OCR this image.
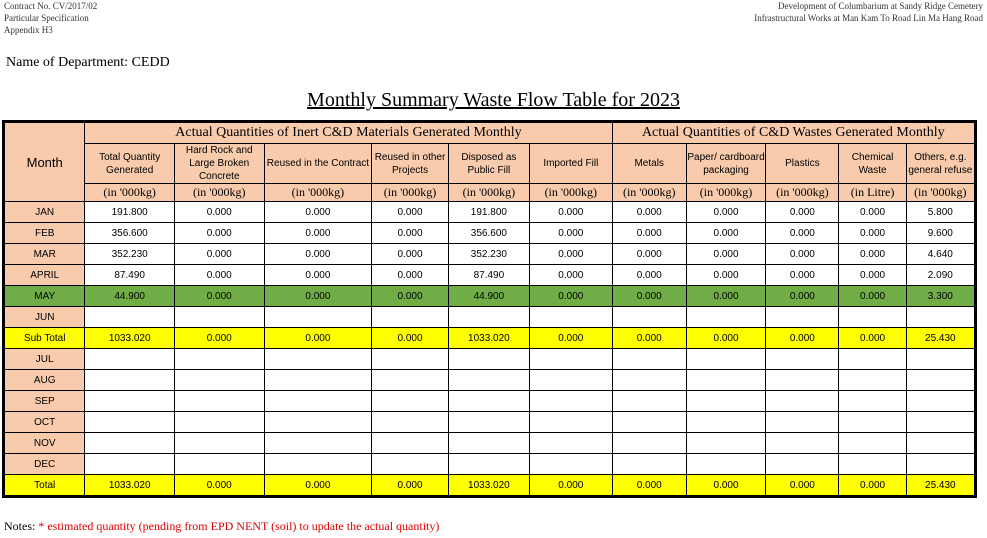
Contract No. CV/2017/02
Particular Specification
Appendix H3
Development of Columbarium at Sandy Ridge Cemetery
Infrastructural Works at Man Kam To Road Lin Ma Hang Road
Name of Department: CEDD
Monthly Summary Waste Flow Table for 2023
Month	Actual Quantities of Inert C&D Materials Generated Monthly						Actual Quantities of C&D Wastes Generated Monthly				
	Total Quantity Generated	Hard Rock and Large Broken Concrete	Reused in the Contract	Reused in other Projects	Disposed as Public Fill	Imported Fill	Metals	Paper/ cardboard packaging	Plastics	Chemical Waste	Others, e.g. general refuse
	(in '000kg)	(in '000kg)	(in '000kg)	(in '000kg)	(in '000kg)	(in '000kg)	(in '000kg)	(in '000kg)	(in '000kg)	(in Litre)	(in '000kg)
JAN	191.800	0.000	0.000	0.000	191.800	0.000	0.000	0.000	0.000	0.000	5.800
FEB	356.600	0.000	0.000	0.000	356.600	0.000	0.000	0.000	0.000	0.000	9.600
MAR	352.230	0.000	0.000	0.000	352.230	0.000	0.000	0.000	0.000	0.000	4.640
APRIL	87.490	0.000	0.000	0.000	87.490	0.000	0.000	0.000	0.000	0.000	2.090
MAY	44.900	0.000	0.000	0.000	44.900	0.000	0.000	0.000	0.000	0.000	3.300
JUN											
Sub Total	1033.020	0.000	0.000	0.000	1033.020	0.000	0.000	0.000	0.000	0.000	25.430
JUL											
AUG											
SEP											
OCT											
NOV											
DEC											
Total	1033.020	0.000	0.000	0.000	1033.020	0.000	0.000	0.000	0.000	0.000	25.430
Notes: * estimated quantity (pending from EPD NENT (soil) to update the actual quantity)
